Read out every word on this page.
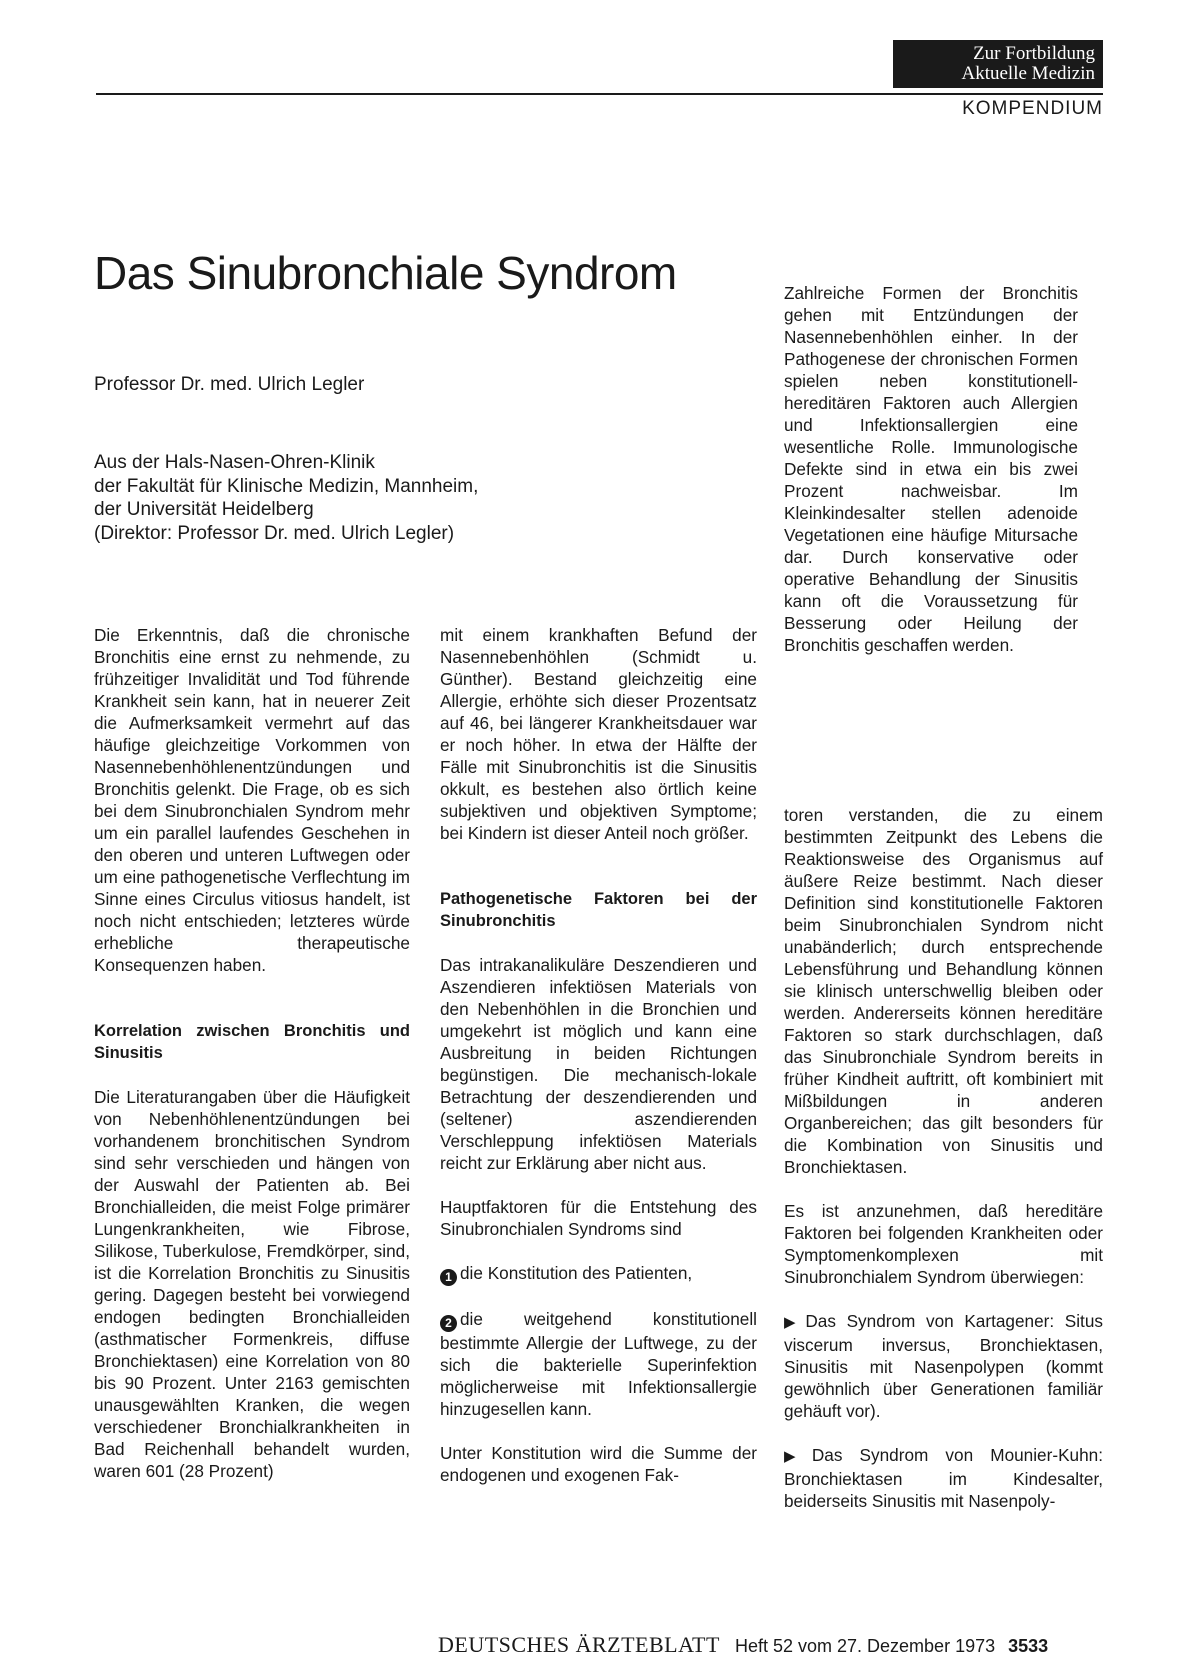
Zur Fortbildung
Aktuelle Medizin
KOMPENDIUM
Das Sinubronchiale Syndrom
Professor Dr. med. Ulrich Legler
Aus der Hals-Nasen-Ohren-Klinik
der Fakultät für Klinische Medizin, Mannheim,
der Universität Heidelberg
(Direktor: Professor Dr. med. Ulrich Legler)

Zahlreiche Formen der Bronchitis gehen mit Entzündungen der Nasennebenhöhlen einher. In der Pathogenese der chronischen Formen spielen neben konstitutionell-hereditären Faktoren auch Allergien und Infektionsallergien eine wesentliche Rolle. Immunologische Defekte sind in etwa ein bis zwei Prozent nachweisbar. Im Kleinkindesalter stellen adenoide Vegetationen eine häufige Mitursache dar. Durch konservative oder operative Behandlung der Sinusitis kann oft die Voraussetzung für Besserung oder Heilung der Bronchitis geschaffen werden.

Die Erkenntnis, daß die chronische Bronchitis eine ernst zu nehmende, zu frühzeitiger Invalidität und Tod führende Krankheit sein kann, hat in neuerer Zeit die Aufmerksamkeit vermehrt auf das häufige gleichzeitige Vorkommen von Nasennebenhöhlenentzündungen und Bronchitis gelenkt. Die Frage, ob es sich bei dem Sinubronchialen Syndrom mehr um ein parallel laufendes Geschehen in den oberen und unteren Luftwegen oder um eine pathogenetische Verflechtung im Sinne eines Circulus vitiosus handelt, ist noch nicht entschieden; letzteres würde erhebliche therapeutische Konsequenzen haben.

Korrelation zwischen Bronchitis und Sinusitis

Die Literaturangaben über die Häufigkeit von Nebenhöhlenentzündungen bei vorhandenem bronchitischen Syndrom sind sehr verschieden und hängen von der Auswahl der Patienten ab. Bei Bronchialleiden, die meist Folge primärer Lungenkrankheiten, wie Fibrose, Silikose, Tuberkulose, Fremdkörper, sind, ist die Korrelation Bronchitis zu Sinusitis gering. Dagegen besteht bei vorwiegend endogen bedingten Bronchialleiden (asthmatischer Formenkreis, diffuse Bronchiektasen) eine Korrelation von 80 bis 90 Prozent. Unter 2163 gemischten unausgewählten Kranken, die wegen verschiedener Bronchialkrankheiten in Bad Reichenhall behandelt wurden, waren 601 (28 Prozent)

mit einem krankhaften Befund der Nasennebenhöhlen (Schmidt u. Günther). Bestand gleichzeitig eine Allergie, erhöhte sich dieser Prozentsatz auf 46, bei längerer Krankheitsdauer war er noch höher. In etwa der Hälfte der Fälle mit Sinubronchitis ist die Sinusitis okkult, es bestehen also örtlich keine subjektiven und objektiven Symptome; bei Kindern ist dieser Anteil noch größer.

Pathogenetische Faktoren bei der Sinubronchitis

Das intrakanalikuläre Deszendieren und Aszendieren infektiösen Materials von den Nebenhöhlen in die Bronchien und umgekehrt ist möglich und kann eine Ausbreitung in beiden Richtungen begünstigen. Die mechanisch-lokale Betrachtung der deszendierenden und (seltener) aszendierenden Verschleppung infektiösen Materials reicht zur Erklärung aber nicht aus.

Hauptfaktoren für die Entstehung des Sinubronchialen Syndroms sind

1 die Konstitution des Patienten,

2 die weitgehend konstitutionell bestimmte Allergie der Luftwege, zu der sich die bakterielle Superinfektion möglicherweise mit Infektionsallergie hinzugesellen kann.

Unter Konstitution wird die Summe der endogenen und exogenen Fak-

toren verstanden, die zu einem bestimmten Zeitpunkt des Lebens die Reaktionsweise des Organismus auf äußere Reize bestimmt. Nach dieser Definition sind konstitutionelle Faktoren beim Sinubronchialen Syndrom nicht unabänderlich; durch entsprechende Lebensführung und Behandlung können sie klinisch unterschwellig bleiben oder werden. Andererseits können hereditäre Faktoren so stark durchschlagen, daß das Sinubronchiale Syndrom bereits in früher Kindheit auftritt, oft kombiniert mit Mißbildungen in anderen Organbereichen; das gilt besonders für die Kombination von Sinusitis und Bronchiektasen.

Es ist anzunehmen, daß hereditäre Faktoren bei folgenden Krankheiten oder Symptomenkomplexen mit Sinubronchialem Syndrom überwiegen:

▶ Das Syndrom von Kartagener: Situs viscerum inversus, Bronchiektasen, Sinusitis mit Nasenpolypen (kommt gewöhnlich über Generationen familiär gehäuft vor).

▶ Das Syndrom von Mounier-Kuhn: Bronchiektasen im Kindesalter, beiderseits Sinusitis mit Nasenpoly-

DEUTSCHES ÄRZTEBLATT Heft 52 vom 27. Dezember 1973 3533
